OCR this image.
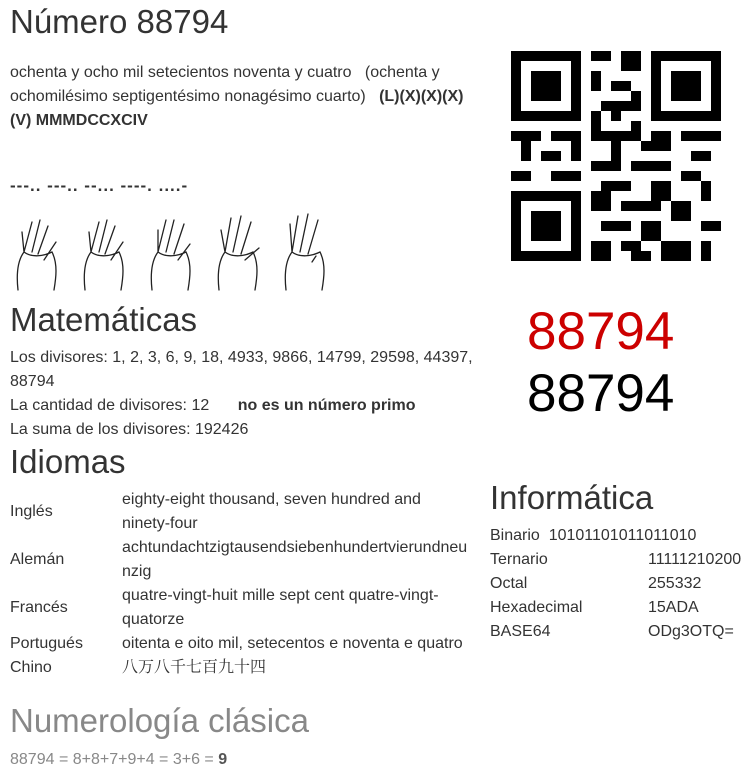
Número 88794
ochenta y ocho mil setecientos noventa y cuatro (ochenta y ochomilésimo septigentésimo nonagésimo cuarto) (L)(X)(X)(X)(V) MMMDCCXCIV
---.. ---.. --... ----. ....-
88794
88794
Matemáticas
Los divisores: 1, 2, 3, 6, 9, 18, 4933, 9866, 14799, 29598, 44397, 88794
La cantidad de divisores: 12 no es un número primo
La suma de los divisores: 192426
Idiomas
Inglés	eighty-eight thousand, seven hundred and ninety-four
Alemán	achtundachtzigtausendsiebenhundertvierundneunzig
Francés	quatre-vingt-huit mille sept cent quatre-vingt-quatorze
Portugués	oitenta e oito mil, setecentos e noventa e quatro
Chino	八万八千七百九十四
Informática
Binario 10101101011011010	
Ternario	11111210200
Octal	255332
Hexadecimal	15ADA
BASE64	ODg3OTQ=
Numerología clásica
88794 = 8+8+7+9+4 = 3+6 = 9
